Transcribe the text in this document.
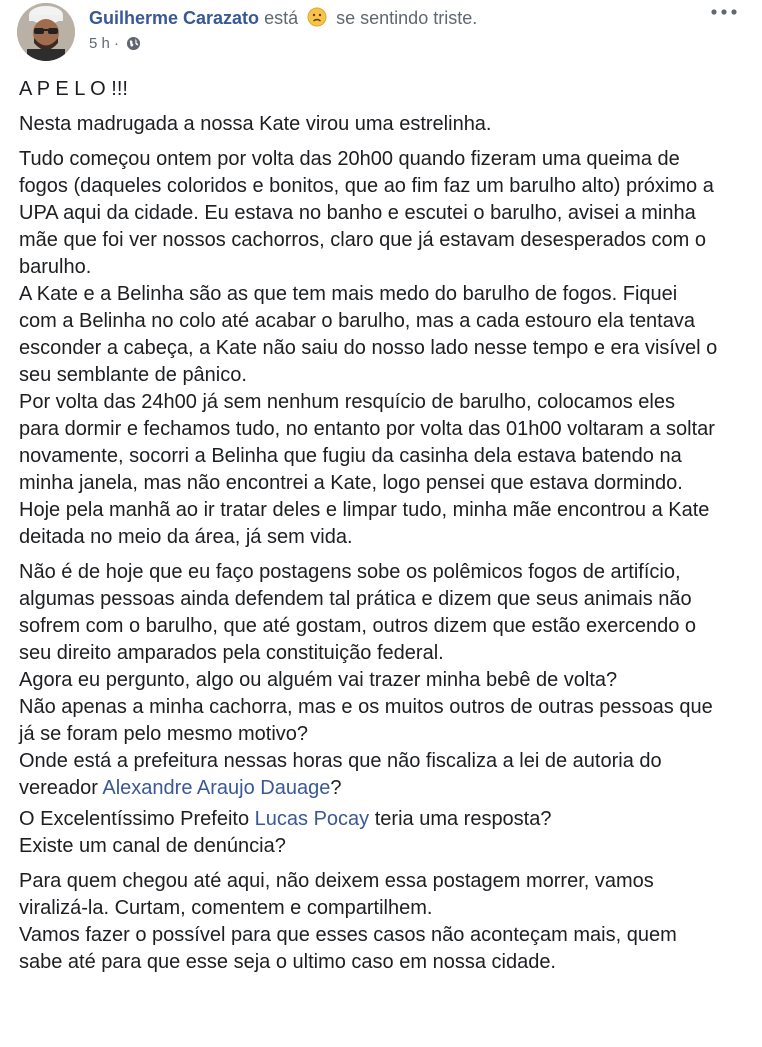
Guilherme Carazato está se sentindo triste.
5 h ·

A P E L O !!!

Nesta madrugada a nossa Kate virou uma estrelinha.

Tudo começou ontem por volta das 20h00 quando fizeram uma queima de

fogos (daqueles coloridos e bonitos, que ao fim faz um barulho alto) próximo a

UPA aqui da cidade. Eu estava no banho e escutei o barulho, avisei a minha

mãe que foi ver nossos cachorros, claro que já estavam desesperados com o

barulho.

A Kate e a Belinha são as que tem mais medo do barulho de fogos. Fiquei

com a Belinha no colo até acabar o barulho, mas a cada estouro ela tentava

esconder a cabeça, a Kate não saiu do nosso lado nesse tempo e era visível o

seu semblante de pânico.

Por volta das 24h00 já sem nenhum resquício de barulho, colocamos eles

para dormir e fechamos tudo, no entanto por volta das 01h00 voltaram a soltar

novamente, socorri a Belinha que fugiu da casinha dela estava batendo na

minha janela, mas não encontrei a Kate, logo pensei que estava dormindo.

Hoje pela manhã ao ir tratar deles e limpar tudo, minha mãe encontrou a Kate

deitada no meio da área, já sem vida.

Não é de hoje que eu faço postagens sobe os polêmicos fogos de artifício,

algumas pessoas ainda defendem tal prática e dizem que seus animais não

sofrem com o barulho, que até gostam, outros dizem que estão exercendo o

seu direito amparados pela constituição federal.

Agora eu pergunto, algo ou alguém vai trazer minha bebê de volta?

Não apenas a minha cachorra, mas e os muitos outros de outras pessoas que

já se foram pelo mesmo motivo?

Onde está a prefeitura nessas horas que não fiscaliza a lei de autoria do

vereador Alexandre Araujo Dauage?

O Excelentíssimo Prefeito Lucas Pocay teria uma resposta?

Existe um canal de denúncia?

Para quem chegou até aqui, não deixem essa postagem morrer, vamos

viralizá-la. Curtam, comentem e compartilhem.

Vamos fazer o possível para que esses casos não aconteçam mais, quem

sabe até para que esse seja o ultimo caso em nossa cidade.
